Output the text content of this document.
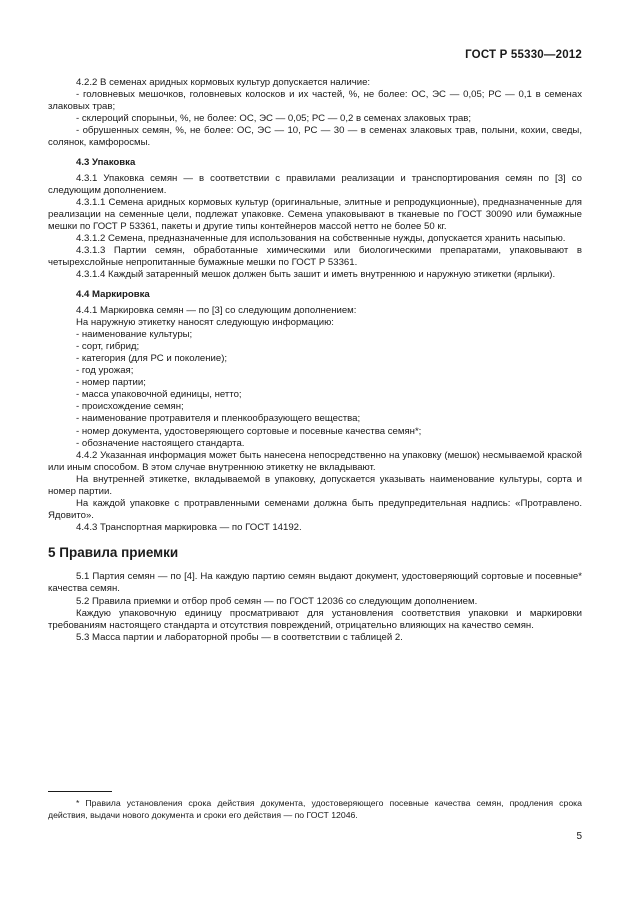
ГОСТ Р 55330—2012

4.2.2 В семенах аридных кормовых культур допускается наличие:

- головневых мешочков, головневых колосков и их частей, %, не более: ОС, ЭС — 0,05; РС — 0,1 в семенах злаковых трав;

- склероций спорыньи, %, не более: ОС, ЭС — 0,05; РС — 0,2 в семенах злаковых трав;

- обрушенных семян, %, не более: ОС, ЭС — 10, РС — 30 — в семенах злаковых трав, полыни, кохии, сведы, солянок, камфоросмы.

4.3 Упаковка

4.3.1 Упаковка семян — в соответствии с правилами реализации и транспортирования семян по [3] со следующим дополнением.

4.3.1.1 Семена аридных кормовых культур (оригинальные, элитные и репродукционные), предназначенные для реализации на семенные цели, подлежат упаковке. Семена упаковывают в тканевые по ГОСТ 30090 или бумажные мешки по ГОСТ Р 53361, пакеты и другие типы контейнеров массой нетто не более 50 кг.

4.3.1.2 Семена, предназначенные для использования на собственные нужды, допускается хранить насыпью.

4.3.1.3 Партии семян, обработанные химическими или биологическими препаратами, упаковывают в четырехслойные непропитанные бумажные мешки по ГОСТ Р 53361.

4.3.1.4 Каждый затаренный мешок должен быть зашит и иметь внутреннюю и наружную этикетки (ярлыки).

4.4 Маркировка

4.4.1 Маркировка семян — по [3] со следующим дополнением:

На наружную этикетку наносят следующую информацию:

- наименование культуры;

- сорт, гибрид;

- категория (для РС и поколение);

- год урожая;

- номер партии;

- масса упаковочной единицы, нетто;

- происхождение семян;

- наименование протравителя и пленкообразующего вещества;

- номер документа, удостоверяющего сортовые и посевные качества семян*;

- обозначение настоящего стандарта.

4.4.2 Указанная информация может быть нанесена непосредственно на упаковку (мешок) несмываемой краской или иным способом. В этом случае внутреннюю этикетку не вкладывают.

На внутренней этикетке, вкладываемой в упаковку, допускается указывать наименование культуры, сорта и номер партии.

На каждой упаковке с протравленными семенами должна быть предупредительная надпись: «Протравлено. Ядовито».

4.4.3 Транспортная маркировка — по ГОСТ 14192.

5 Правила приемки

5.1 Партия семян — по [4]. На каждую партию семян выдают документ, удостоверяющий сортовые и посевные* качества семян.

5.2 Правила приемки и отбор проб семян — по ГОСТ 12036 со следующим дополнением.

Каждую упаковочную единицу просматривают для установления соответствия упаковки и маркировки требованиям настоящего стандарта и отсутствия повреждений, отрицательно влияющих на качество семян.

5.3 Масса партии и лабораторной пробы — в соответствии с таблицей 2.

* Правила установления срока действия документа, удостоверяющего посевные качества семян, продления срока действия, выдачи нового документа и сроки его действия — по ГОСТ 12046.
5
